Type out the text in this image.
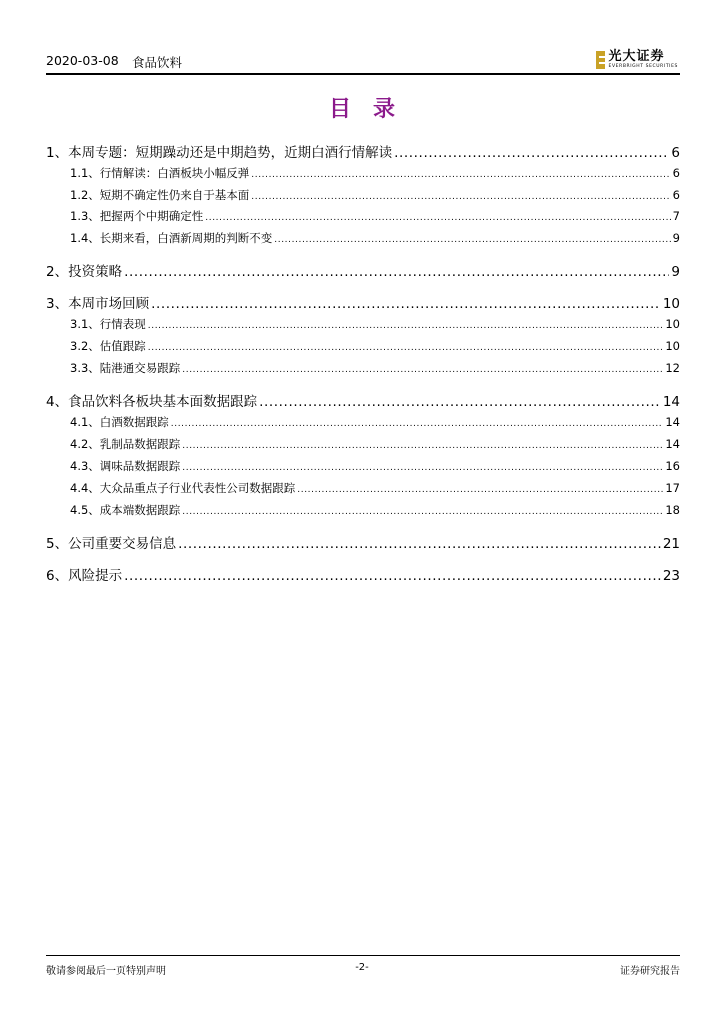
2020-03-08 食品饮料	光大证券
EVERBRIGHT SECURITIES
目录
1、 本周专题：短期躁动还是中期趋势，近期白酒行情解读 .....	6
1.1、 行情解读：白酒板块小幅反弹 .....	6
1.2、 短期不确定性仍来自于基本面 .....	6
1.3、 把握两个中期确定性 .....	7
1.4、 长期来看，白酒新周期的判断不变 .....	9
2、 投资策略 .....	9
3、 本周市场回顾 .....	10
3.1、 行情表现 .....	10
3.2、 估值跟踪 .....	10
3.3、 陆港通交易跟踪 .....	12
4、 食品饮料各板块基本面数据跟踪 .....	14
4.1、 白酒数据跟踪 .....	14
4.2、 乳制品数据跟踪 .....	14
4.3、 调味品数据跟踪 .....	16
4.4、 大众品重点子行业代表性公司数据跟踪 .....	17
4.5、 成本端数据跟踪 .....	18
5、 公司重要交易信息 .....	21
6、 风险提示 .....	23
敬请参阅最后一页特别声明	-2-	证券研究报告
